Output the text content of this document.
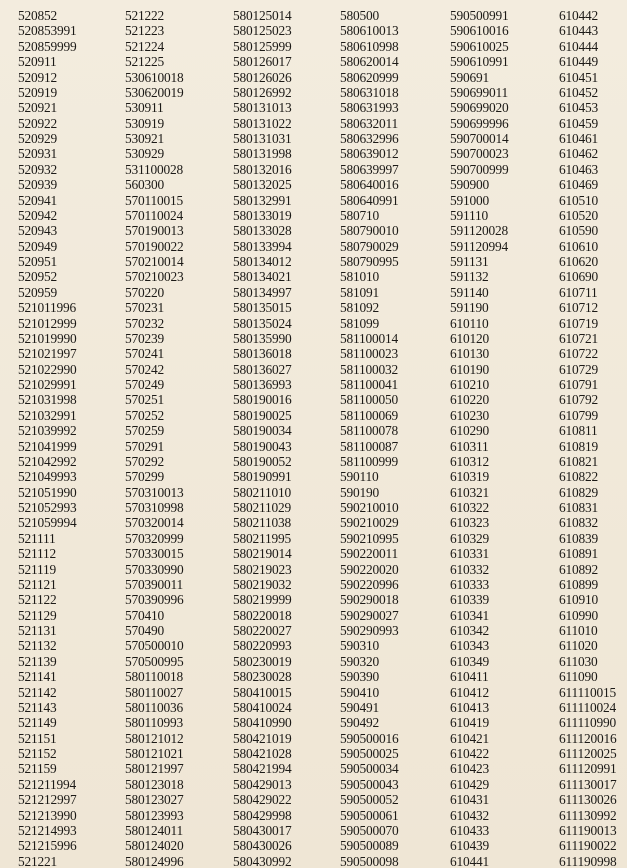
520852
520853991
520859999
520911
520912
520919
520921
520922
520929
520931
520932
520939
520941
520942
520943
520949
520951
520952
520959
521011996
521012999
521019990
521021997
521022990
521029991
521031998
521032991
521039992
521041999
521042992
521049993
521051990
521052993
521059994
521111
521112
521119
521121
521122
521129
521131
521132
521139
521141
521142
521143
521149
521151
521152
521159
521211994
521212997
521213990
521214993
521215996
521221
521222
521223
521224
521225
530610018
530620019
530911
530919
530921
530929
531100028
560300
570110015
570110024
570190013
570190022
570210014
570210023
570220
570231
570232
570239
570241
570242
570249
570251
570252
570259
570291
570292
570299
570310013
570310998
570320014
570320999
570330015
570330990
570390011
570390996
570410
570490
570500010
570500995
580110018
580110027
580110036
580110993
580121012
580121021
580121997
580123018
580123027
580123993
580124011
580124020
580124996
580125014
580125023
580125999
580126017
580126026
580126992
580131013
580131022
580131031
580131998
580132016
580132025
580132991
580133019
580133028
580133994
580134012
580134021
580134997
580135015
580135024
580135990
580136018
580136027
580136993
580190016
580190025
580190034
580190043
580190052
580190991
580211010
580211029
580211038
580211995
580219014
580219023
580219032
580219999
580220018
580220027
580220993
580230019
580230028
580410015
580410024
580410990
580421019
580421028
580421994
580429013
580429022
580429998
580430017
580430026
580430992
580500
580610013
580610998
580620014
580620999
580631018
580631993
580632011
580632996
580639012
580639997
580640016
580640991
580710
580790010
580790029
580790995
581010
581091
581092
581099
581100014
581100023
581100032
581100041
581100050
581100069
581100078
581100087
581100999
590110
590190
590210010
590210029
590210995
590220011
590220020
590220996
590290018
590290027
590290993
590310
590320
590390
590410
590491
590492
590500016
590500025
590500034
590500043
590500052
590500061
590500070
590500089
590500098
590500991
590610016
590610025
590610991
590691
590699011
590699020
590699996
590700014
590700023
590700999
590900
591000
591110
591120028
591120994
591131
591132
591140
591190
610110
610120
610130
610190
610210
610220
610230
610290
610311
610312
610319
610321
610322
610323
610329
610331
610332
610333
610339
610341
610342
610343
610349
610411
610412
610413
610419
610421
610422
610423
610429
610431
610432
610433
610439
610441
610442
610443
610444
610449
610451
610452
610453
610459
610461
610462
610463
610469
610510
610520
610590
610610
610620
610690
610711
610712
610719
610721
610722
610729
610791
610792
610799
610811
610819
610821
610822
610829
610831
610832
610839
610891
610892
610899
610910
610990
611010
611020
611030
611090
611110015
611110024
611110990
611120016
611120025
611120991
611130017
611130026
611130992
611190013
611190022
611190998
